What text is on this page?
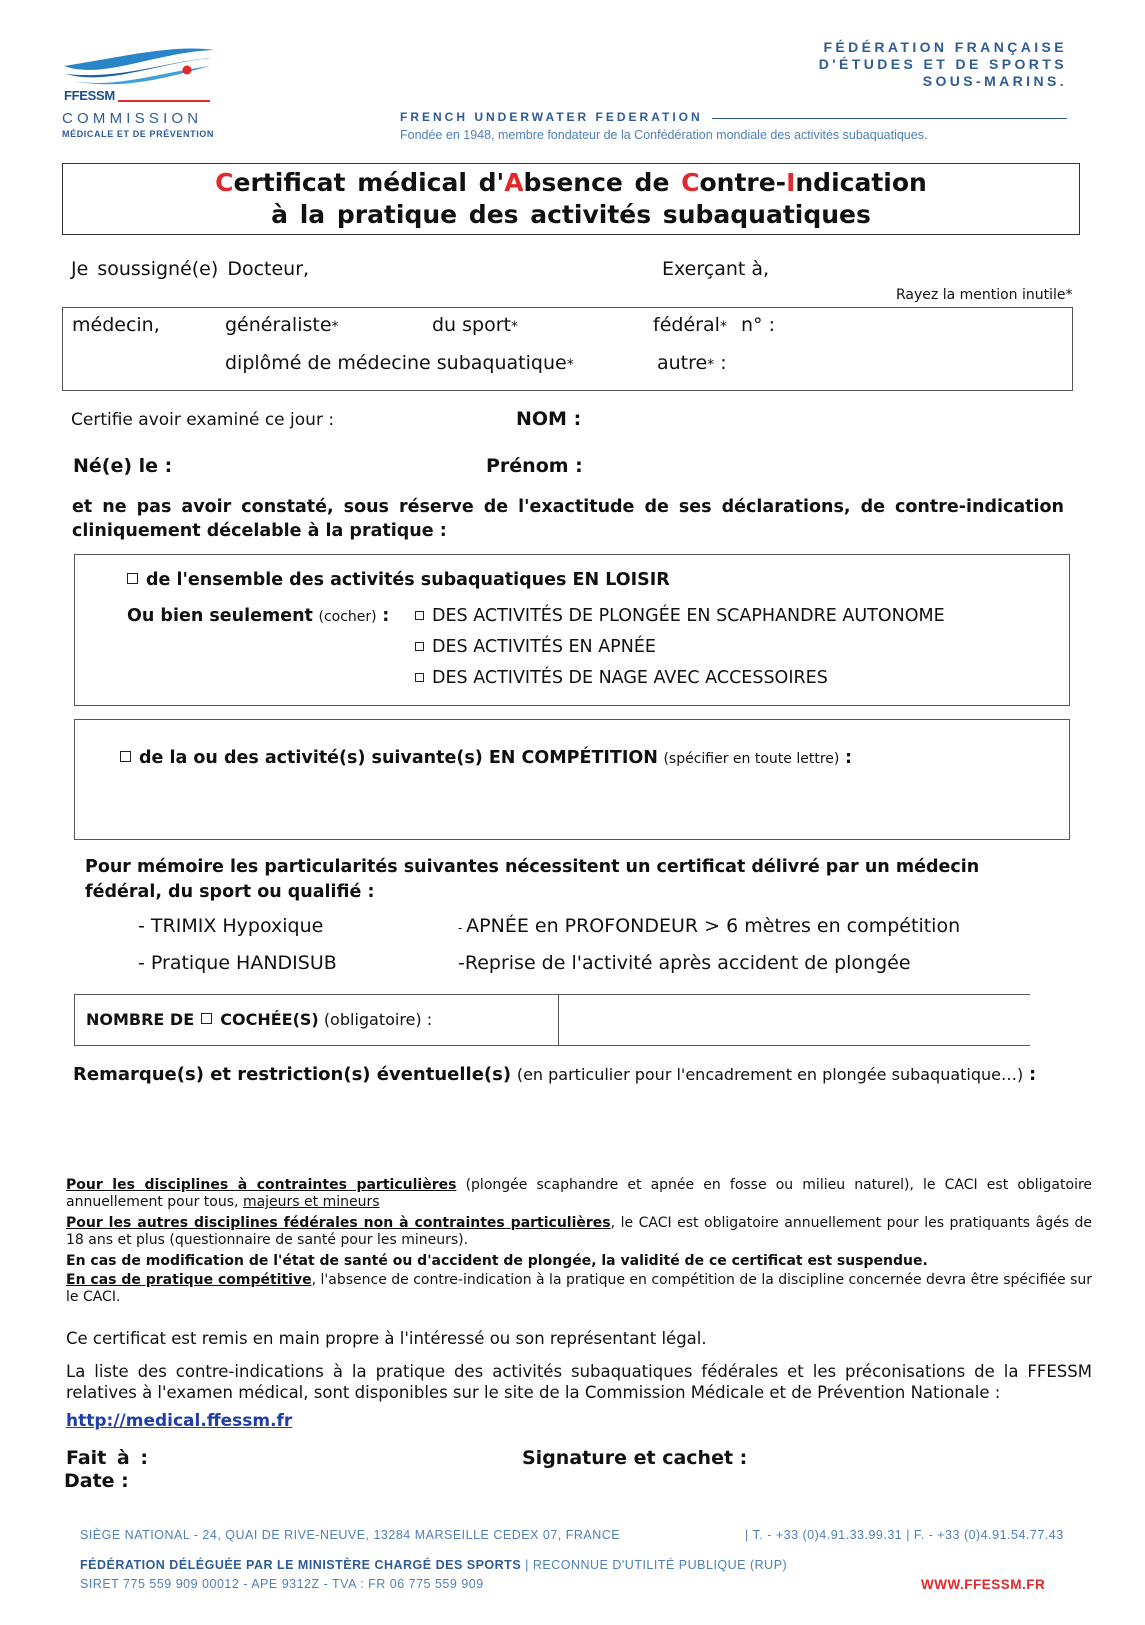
FFESSM
COMMISSION
MÉDICALE ET DE PRÉVENTION
FÉDÉRATION FRANÇAISE
D'ÉTUDES ET DE SPORTS
SOUS-MARINS.
FRENCH UNDERWATER FEDERATION
Fondée en 1948, membre fondateur de la Confédération mondiale des activités subaquatiques.
Certificat médical d'Absence de Contre-Indication
à la pratique des activités subaquatiques
Je soussigné(e) Docteur,	Exerçant à,
Rayez la mention inutile*
médecin,	généraliste*	du sport*	fédéral* n° :
diplômé de médecine subaquatique*	autre* :
Certifie avoir examiné ce jour :	NOM :
Né(e) le :	Prénom :
et ne pas avoir constaté, sous réserve de l'exactitude de ses déclarations, de contre-indication cliniquement décelable à la pratique :
de l'ensemble des activités subaquatiques EN LOISIR
Ou bien seulement (cocher) :	DES ACTIVITÉS DE PLONGÉE EN SCAPHANDRE AUTONOME
DES ACTIVITÉS EN APNÉE
DES ACTIVITÉS DE NAGE AVEC ACCESSOIRES
de la ou des activité(s) suivante(s) EN COMPÉTITION (spécifier en toute lettre) :
Pour mémoire les particularités suivantes nécessitent un certificat délivré par un médecin fédéral, du sport ou qualifié :
- TRIMIX Hypoxique	- APNÉE en PROFONDEUR > 6 mètres en compétition
- Pratique HANDISUB	-Reprise de l'activité après accident de plongée
NOMBRE DE COCHÉE(S) (obligatoire) :
Remarque(s) et restriction(s) éventuelle(s) (en particulier pour l'encadrement en plongée subaquatique…) :
Pour les disciplines à contraintes particulières (plongée scaphandre et apnée en fosse ou milieu naturel), le CACI est obligatoire annuellement pour tous, majeurs et mineurs
Pour les autres disciplines fédérales non à contraintes particulières, le CACI est obligatoire annuellement pour les pratiquants âgés de 18 ans et plus (questionnaire de santé pour les mineurs).
En cas de modification de l'état de santé ou d'accident de plongée, la validité de ce certificat est suspendue.
En cas de pratique compétitive, l'absence de contre-indication à la pratique en compétition de la discipline concernée devra être spécifiée sur le CACI.
Ce certificat est remis en main propre à l'intéressé ou son représentant légal.
La liste des contre-indications à la pratique des activités subaquatiques fédérales et les préconisations de la FFESSM relatives à l'examen médical, sont disponibles sur le site de la Commission Médicale et de Prévention Nationale :
http://medical.ffessm.fr
Fait à :
Date :
Signature et cachet :
SIÈGE NATIONAL - 24, QUAI DE RIVE-NEUVE, 13284 MARSEILLE CEDEX 07, FRANCE	| T. - +33 (0)4.91.33.99.31 | F. - +33 (0)4.91.54.77.43
FÉDÉRATION DÉLÉGUÉE PAR LE MINISTÈRE CHARGÉ DES SPORTS | RECONNUE D'UTILITÉ PUBLIQUE (RUP)
SIRET 775 559 909 00012 - APE 9312Z - TVA : FR 06 775 559 909	WWW.FFESSM.FR
